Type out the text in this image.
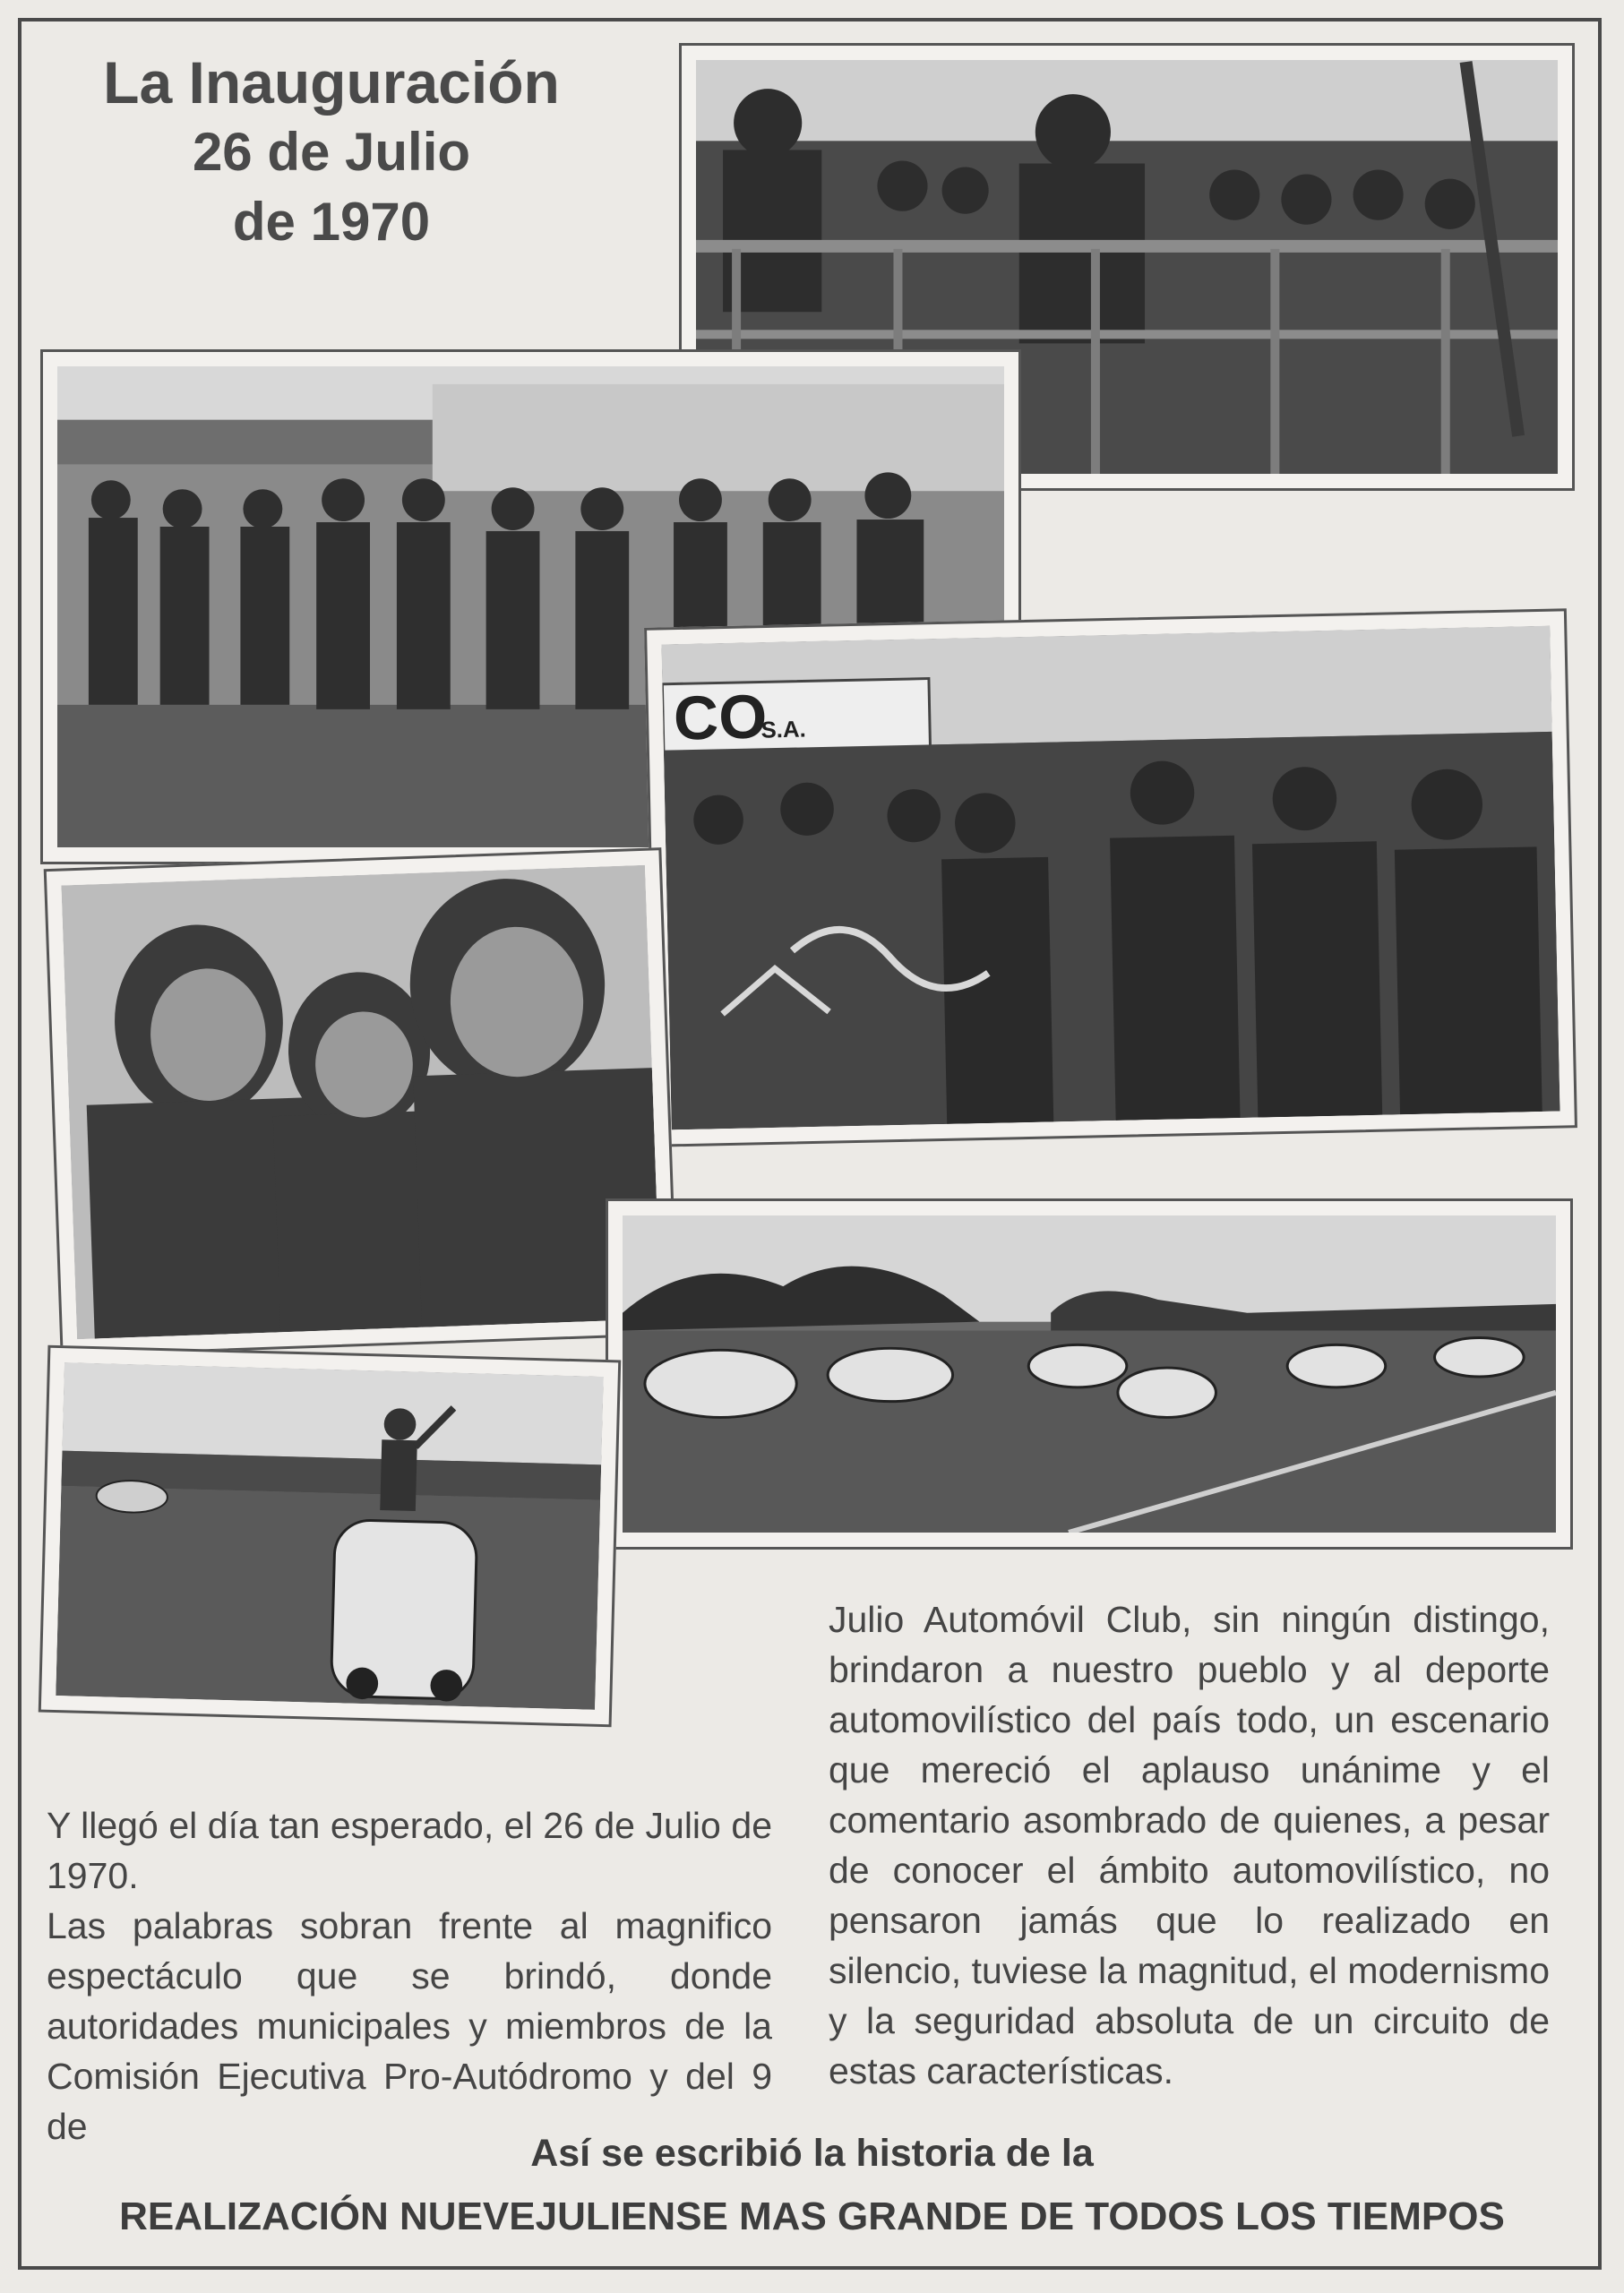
La Inauguración
26 de Julio
de 1970
CO
S.A.

Y llegó el día tan esperado, el 26 de Julio de 1970.

Las palabras sobran frente al magnifico espectáculo que se brindó, donde autoridades municipales y miembros de la Comisión Ejecutiva Pro-Autódromo y del 9 de

Julio Automóvil Club, sin ningún distingo, brindaron a nuestro pueblo y al deporte automovilístico del país todo, un escenario que mereció el aplauso unánime y el comentario asombrado de quienes, a pesar de conocer el ámbito automovilístico, no pensaron jamás que lo realizado en silencio, tuviese la magnitud, el modernismo y la seguridad absoluta de un circuito de estas características.

Así se escribió la historia de la
REALIZACIÓN NUEVEJULIENSE MAS GRANDE DE TODOS LOS TIEMPOS
